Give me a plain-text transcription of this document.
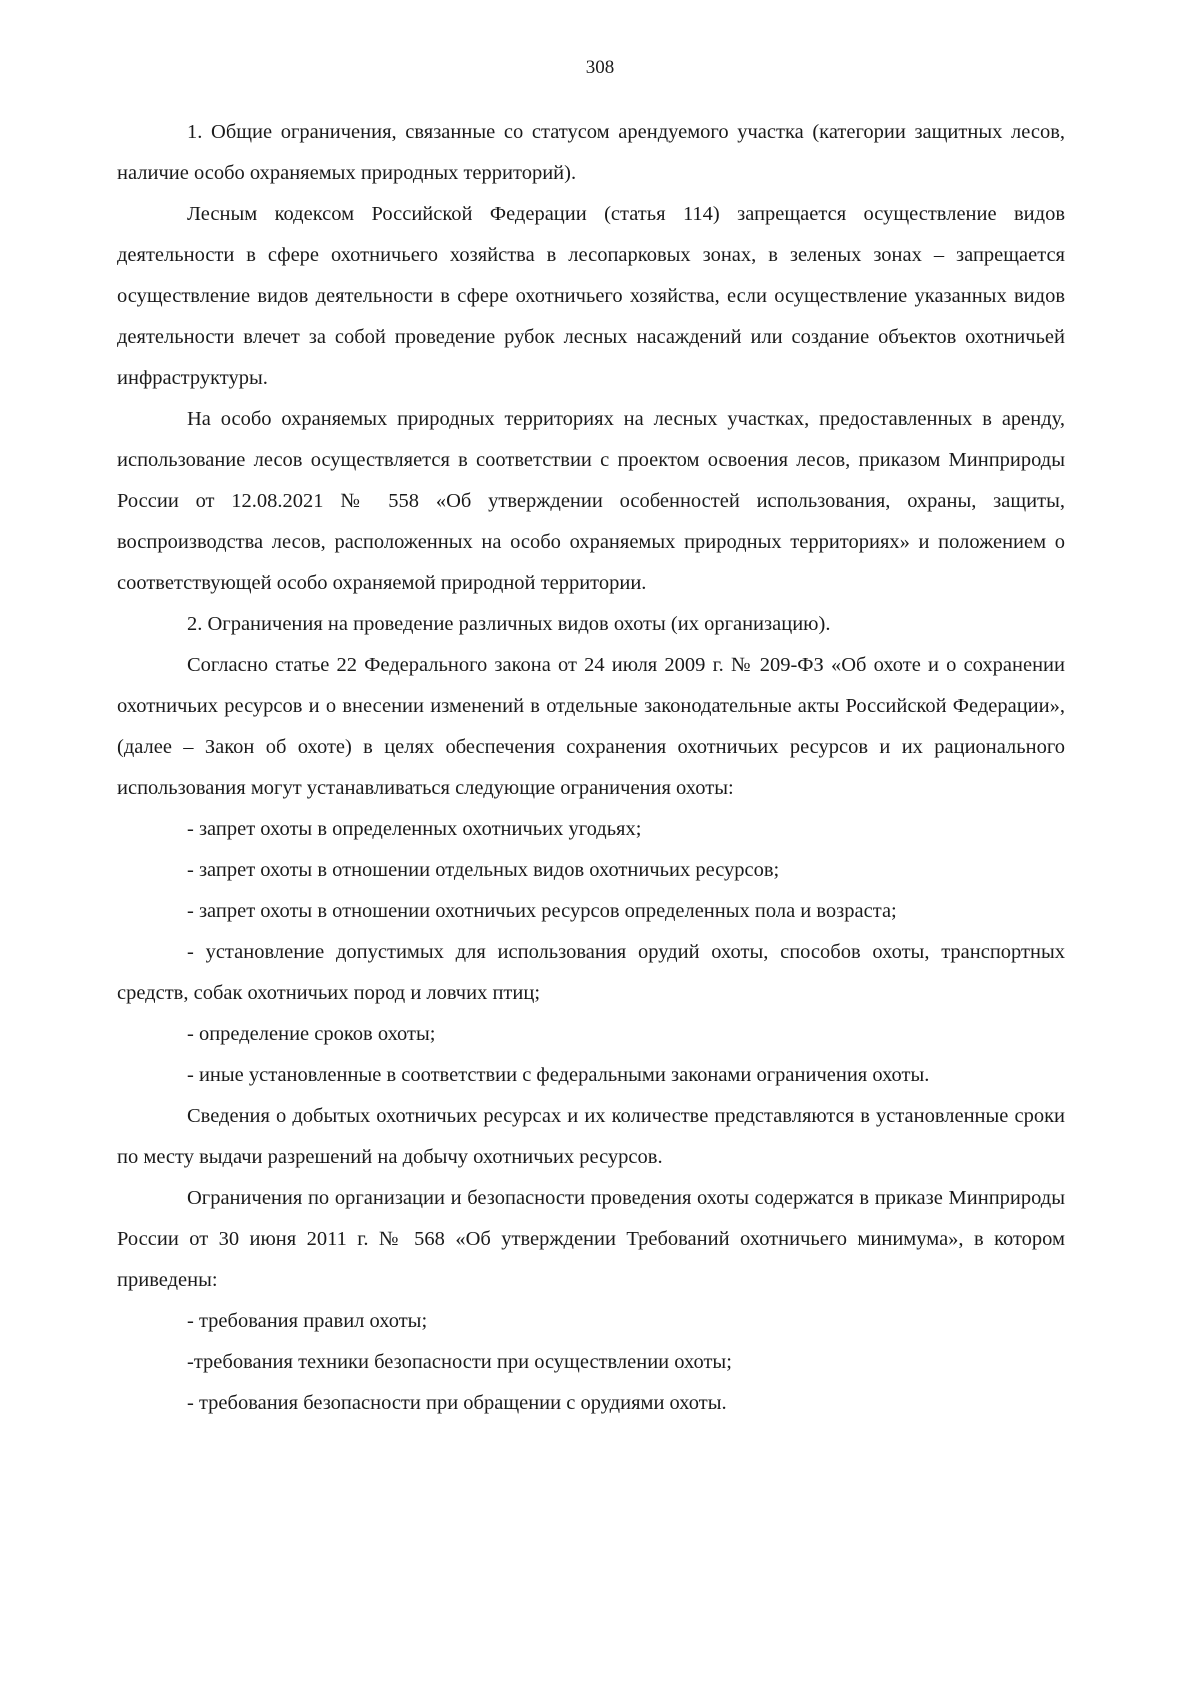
308

1. Общие ограничения, связанные со статусом арендуемого участка (категории защитных лесов, наличие особо охраняемых природных территорий).

Лесным кодексом Российской Федерации (статья 114) запрещается осуществление видов деятельности в сфере охотничьего хозяйства в лесопарковых зонах, в зеленых зонах – запрещается осуществление видов деятельности в сфере охотничьего хозяйства, если осуществление указанных видов деятельности влечет за собой проведение рубок лесных насаждений или создание объектов охотничьей инфраструктуры.

На особо охраняемых природных территориях на лесных участках, предоставленных в аренду, использование лесов осуществляется в соответствии с проектом освоения лесов, приказом Минприроды России от 12.08.2021 № 558 «Об утверждении особенностей использования, охраны, защиты, воспроизводства лесов, расположенных на особо охраняемых природных территориях» и положением о соответствующей особо охраняемой природной территории.

2. Ограничения на проведение различных видов охоты (их организацию).

Согласно статье 22 Федерального закона от 24 июля 2009 г. № 209-ФЗ «Об охоте и о сохранении охотничьих ресурсов и о внесении изменений в отдельные законодательные акты Российской Федерации», (далее – Закон об охоте) в целях обеспечения сохранения охотничьих ресурсов и их рационального использования могут устанавливаться следующие ограничения охоты:

- запрет охоты в определенных охотничьих угодьях;

- запрет охоты в отношении отдельных видов охотничьих ресурсов;

- запрет охоты в отношении охотничьих ресурсов определенных пола и возраста;

- установление допустимых для использования орудий охоты, способов охоты, транспортных средств, собак охотничьих пород и ловчих птиц;

- определение сроков охоты;

- иные установленные в соответствии с федеральными законами ограничения охоты.

Сведения о добытых охотничьих ресурсах и их количестве представляются в установленные сроки по месту выдачи разрешений на добычу охотничьих ресурсов.

Ограничения по организации и безопасности проведения охоты содержатся в приказе Минприроды России от 30 июня 2011 г. № 568 «Об утверждении Требований охотничьего минимума», в котором приведены:

- требования правил охоты;

-требования техники безопасности при осуществлении охоты;

- требования безопасности при обращении с орудиями охоты.
